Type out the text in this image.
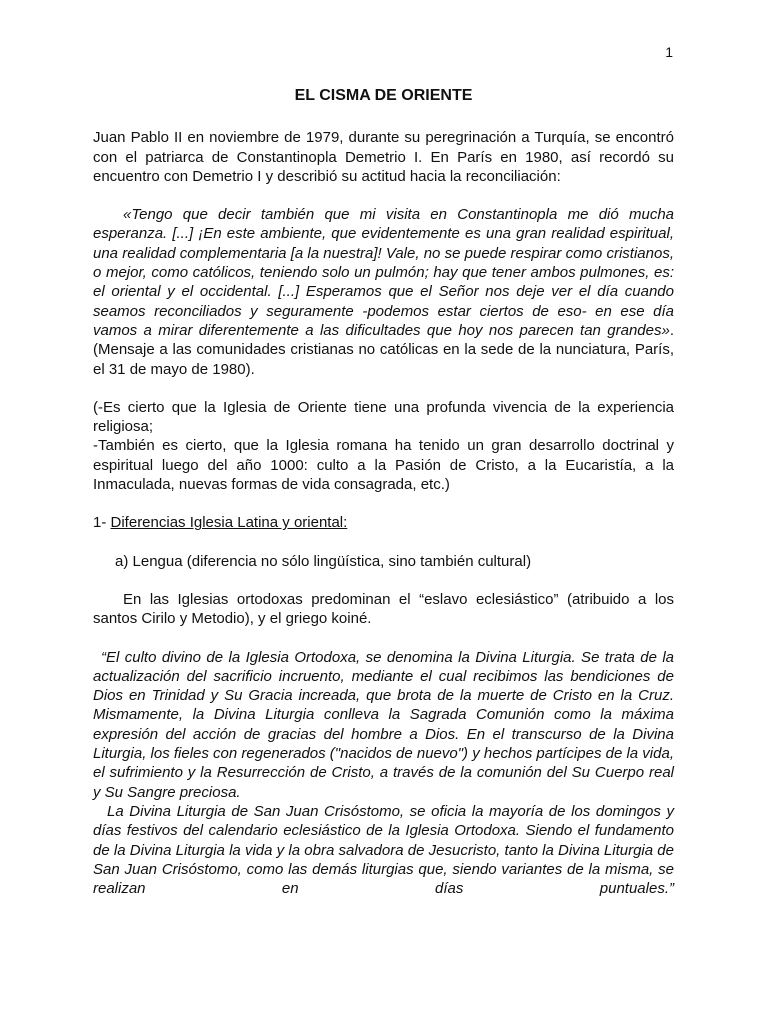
1
EL CISMA DE ORIENTE

Juan Pablo II en noviembre de 1979, durante su peregrinación a Turquía, se encontró con el patriarca de Constantinopla Demetrio I. En París en 1980, así recordó su encuentro con Demetrio I y describió su actitud hacia la reconciliación:

«Tengo que decir también que mi visita en Constantinopla me dió mucha esperanza. [...] ¡En este ambiente, que evidentemente es una gran realidad espiritual, una realidad complementaria [a la nuestra]! Vale, no se puede respirar como cristianos, o mejor, como católicos, teniendo solo un pulmón; hay que tener ambos pulmones, es: el oriental y el occidental. [...] Esperamos que el Señor nos deje ver el día cuando seamos reconciliados y seguramente -podemos estar ciertos de eso- en ese día vamos a mirar diferentemente a las dificultades que hoy nos parecen tan grandes». (Mensaje a las comunidades cristianas no católicas en la sede de la nunciatura, París, el 31 de mayo de 1980).

(-Es cierto que la Iglesia de Oriente tiene una profunda vivencia de la experiencia religiosa;

-También es cierto, que la Iglesia romana ha tenido un gran desarrollo doctrinal y espiritual luego del año 1000: culto a la Pasión de Cristo, a la Eucaristía, a la Inmaculada, nuevas formas de vida consagrada, etc.)

1- Diferencias Iglesia Latina y oriental:

a) Lengua (diferencia no sólo lingüística, sino también cultural)

En las Iglesias ortodoxas predominan el “eslavo eclesiástico” (atribuido a los santos Cirilo y Metodio), y el griego koiné.

“El culto divino de la Iglesia Ortodoxa, se denomina la Divina Liturgia. Se trata de la actualización del sacrificio incruento, mediante el cual recibimos las bendiciones de Dios en Trinidad y Su Gracia increada, que brota de la muerte de Cristo en la Cruz. Mismamente, la Divina Liturgia conlleva la Sagrada Comunión como la máxima expresión del acción de gracias del hombre a Dios. En el transcurso de la Divina Liturgia, los fieles con regenerados ("nacidos de nuevo") y hechos partícipes de la vida, el sufrimiento y la Resurrección de Cristo, a través de la comunión del Su Cuerpo real y Su Sangre preciosa.

La Divina Liturgia de San Juan Crisóstomo, se oficia la mayoría de los domingos y días festivos del calendario eclesiástico de la Iglesia Ortodoxa. Siendo el fundamento de la Divina Liturgia la vida y la obra salvadora de Jesucristo, tanto la Divina Liturgia de San Juan Crisóstomo, como las demás liturgias que, siendo variantes de la misma, se realizan en días puntuales.”
